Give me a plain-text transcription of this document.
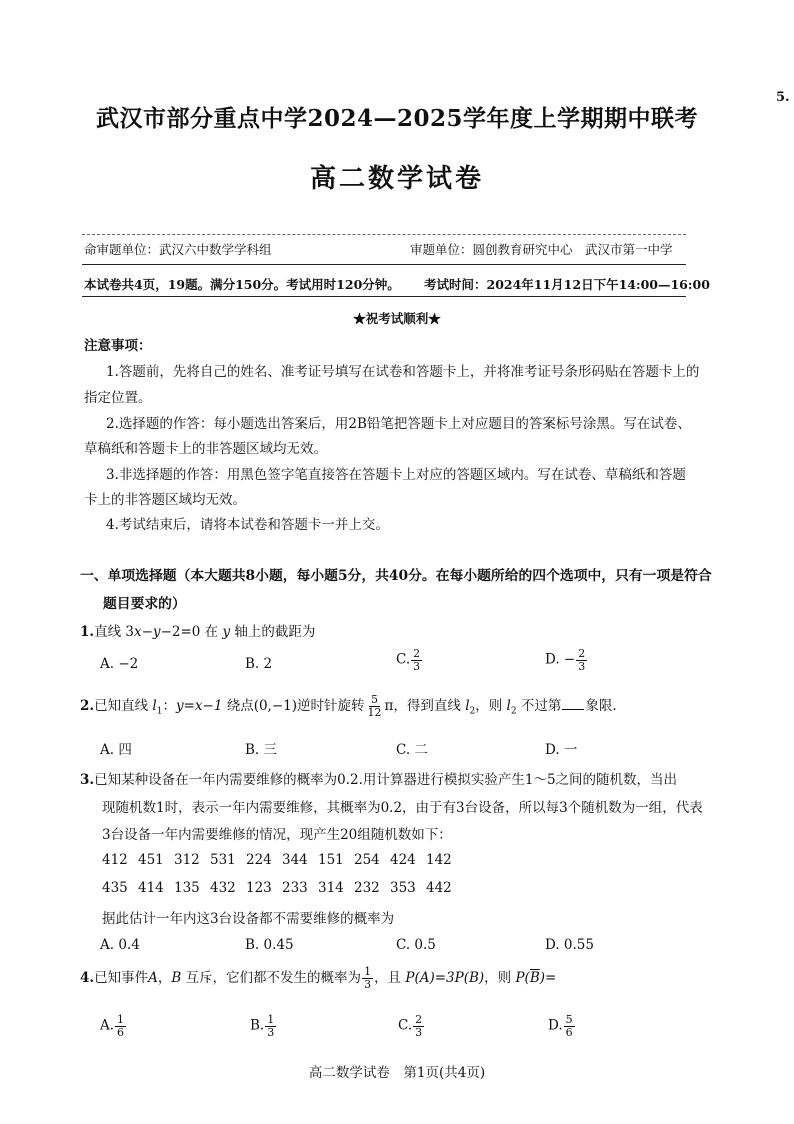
5.
武汉市部分重点中学2024—2025学年度上学期期中联考
高二数学试卷
命审题单位：武汉六中数学学科组	审题单位：圆创教育研究中心　武汉市第一中学
本试卷共4页，19题。满分150分。考试用时120分钟。 考试时间：2024年11月12日下午14:00—16:00
★祝考试顺利★
注意事项：
1.答题前，先将自己的姓名、准考证号填写在试卷和答题卡上，并将准考证号条形码贴在答题卡上的
指定位置。
2.选择题的作答：每小题选出答案后，用2B铅笔把答题卡上对应题目的答案标号涂黑。写在试卷、
草稿纸和答题卡上的非答题区域均无效。
3.非选择题的作答：用黑色签字笔直接答在答题卡上对应的答题区域内。写在试卷、草稿纸和答题
卡上的非答题区域均无效。
4.考试结束后，请将本试卷和答题卡一并上交。
一、单项选择题（本大题共8小题，每小题5分，共40分。在每小题所给的四个选项中，只有一项是符合
题目要求的）
1.直线 3x−y−2=0 在 y 轴上的截距为
A. −2	B. 2	C. $\frac{2}{3}$	D. − $\frac{2}{3}$
2.已知直线 $l_1$：y=x−1 绕点(0,−1)逆时针旋转 $\frac{5}{12}$ π，得到直线 $l_2$，则 $l_2$ 不过第 象限.
A. 四	B. 三	C. 二	D. 一
3.已知某种设备在一年内需要维修的概率为0.2.用计算器进行模拟实验产生1～5之间的随机数，当出
现随机数1时，表示一年内需要维修，其概率为0.2，由于有3台设备，所以每3个随机数为一组，代表
3台设备一年内需要维修的情况，现产生20组随机数如下：
412 451 312 531 224 344 151 254 424 142
435 414 135 432 123 233 314 232 353 442
据此估计一年内这3台设备都不需要维修的概率为
A. 0.4	B. 0.45	C. 0.5	D. 0.55
4.已知事件A，B 互斥，它们都不发生的概率为 $\frac{1}{3}$ ，且 P(A)=3P(B)，则 $P(\overline{B})=$
A. $\frac{1}{6}$	B. $\frac{1}{3}$	C. $\frac{2}{3}$	D. $\frac{5}{6}$
高二数学试卷　第1页(共4页)
